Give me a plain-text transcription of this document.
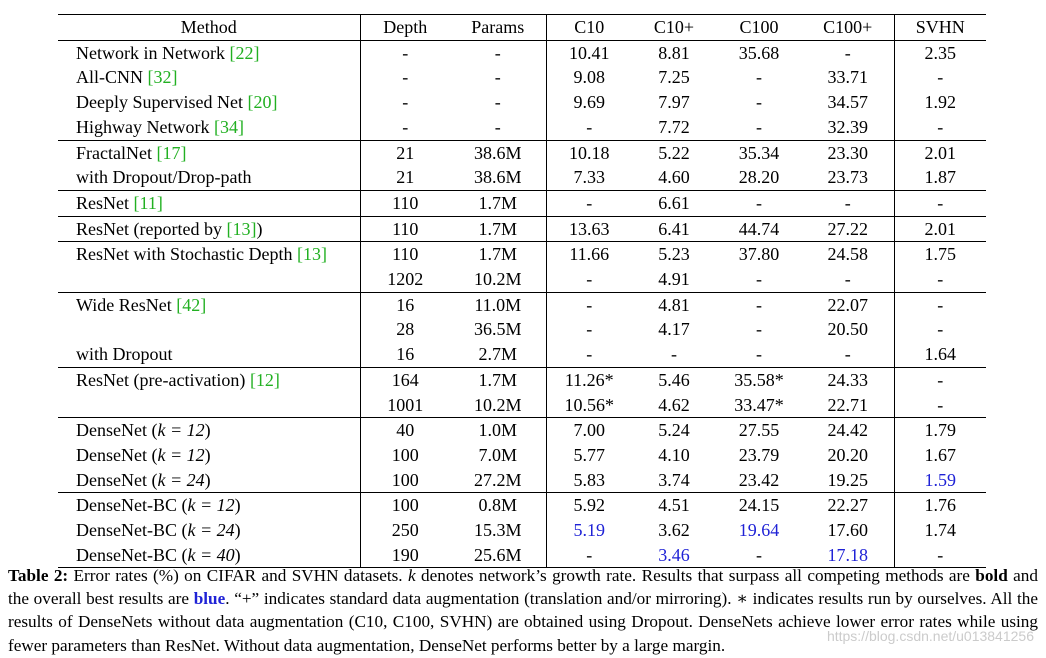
Method	Depth	Params	C10	C10+	C100	C100+	SVHN
Network in Network [22]	-	-	10.41	8.81	35.68	-	2.35
All-CNN [32]	-	-	9.08	7.25	-	33.71	-
Deeply Supervised Net [20]	-	-	9.69	7.97	-	34.57	1.92
Highway Network [34]	-	-	-	7.72	-	32.39	-
FractalNet [17]	21	38.6M	10.18	5.22	35.34	23.30	2.01
with Dropout/Drop-path	21	38.6M	7.33	4.60	28.20	23.73	1.87
ResNet [11]	110	1.7M	-	6.61	-	-	-
ResNet (reported by [13])	110	1.7M	13.63	6.41	44.74	27.22	2.01
ResNet with Stochastic Depth [13]	110	1.7M	11.66	5.23	37.80	24.58	1.75
	1202	10.2M	-	4.91	-	-	-
Wide ResNet [42]	16	11.0M	-	4.81	-	22.07	-
	28	36.5M	-	4.17	-	20.50	-
with Dropout	16	2.7M	-	-	-	-	1.64
ResNet (pre-activation) [12]	164	1.7M	11.26*	5.46	35.58*	24.33	-
	1001	10.2M	10.56*	4.62	33.47*	22.71	-
DenseNet (k = 12)	40	1.0M	7.00	5.24	27.55	24.42	1.79
DenseNet (k = 12)	100	7.0M	5.77	4.10	23.79	20.20	1.67
DenseNet (k = 24)	100	27.2M	5.83	3.74	23.42	19.25	1.59
DenseNet-BC (k = 12)	100	0.8M	5.92	4.51	24.15	22.27	1.76
DenseNet-BC (k = 24)	250	15.3M	5.19	3.62	19.64	17.60	1.74
DenseNet-BC (k = 40)	190	25.6M	-	3.46	-	17.18	-
Table 2: Error rates (%) on CIFAR and SVHN datasets. k denotes network’s growth rate. Results that surpass all competing methods are bold and the overall best results are blue. “+” indicates standard data augmentation (translation and/or mirroring). ∗ indicates results run by ourselves. All the results of DenseNets without data augmentation (C10, C100, SVHN) are obtained using Dropout. DenseNets achieve lower error rates while using fewer parameters than ResNet. Without data augmentation, DenseNet performs better by a large margin.	https://blog.csdn.net/u013841256
